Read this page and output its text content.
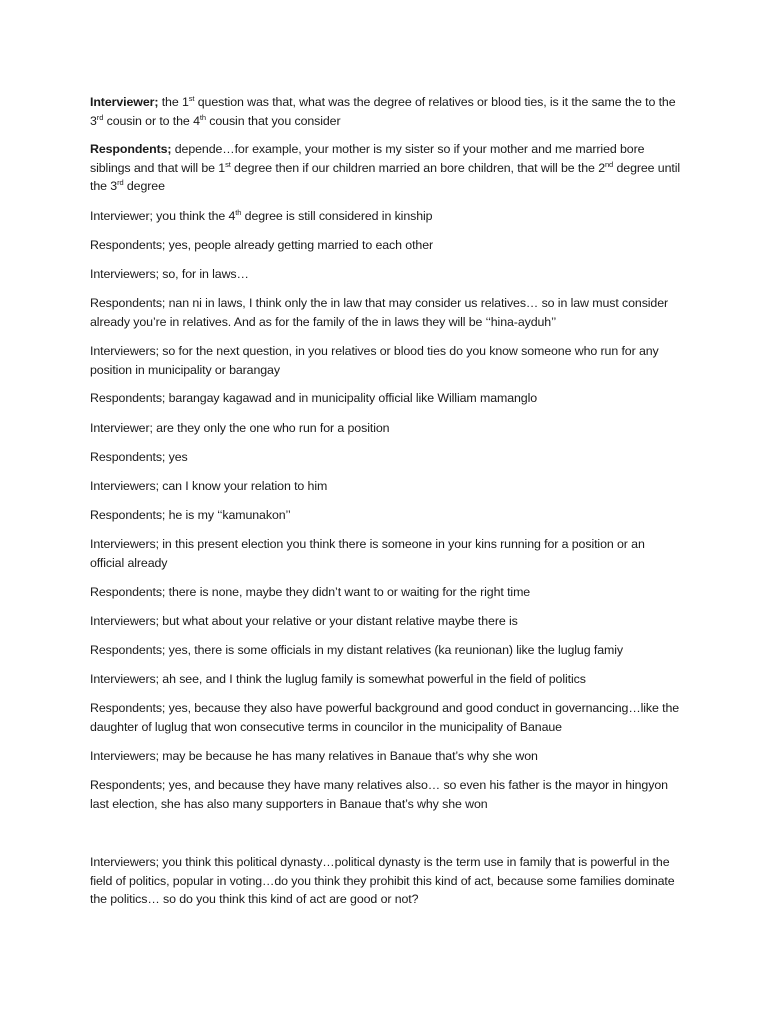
Interviewer; the 1st question was that, what was the degree of relatives or blood ties, is it the same the to the 3rd cousin or to the 4th cousin that you consider

Respondents; depende…for example, your mother is my sister so if your mother and me married bore siblings and that will be 1st degree then if our children married an bore children, that will be the 2nd degree until the 3rd degree

Interviewer; you think the 4th degree is still considered in kinship

Respondents; yes, people already getting married to each other

Interviewers; so, for in laws…

Respondents; nan ni in laws, I think only the in law that may consider us relatives… so in law must consider already you’re in relatives. And as for the family of the in laws they will be ‘‘hina-ayduh’’

Interviewers; so for the next question, in you relatives or blood ties do you know someone who run for any position in municipality or barangay

Respondents; barangay kagawad and in municipality official like William mamanglo

Interviewer; are they only the one who run for a position

Respondents; yes

Interviewers; can I know your relation to him

Respondents; he is my ‘‘kamunakon’’

Interviewers; in this present election you think there is someone in your kins running for a position or an official already

Respondents; there is none, maybe they didn’t want to or waiting for the right time

Interviewers; but what about your relative or your distant relative maybe there is

Respondents; yes, there is some officials in my distant relatives (ka reunionan) like the luglug famiy

Interviewers; ah see, and I think the luglug family is somewhat powerful in the field of politics

Respondents; yes, because they also have powerful background and good conduct in governancing…like the daughter of luglug that won consecutive terms in councilor in the municipality of Banaue

Interviewers; may be because he has many relatives in Banaue that’s why she won

Respondents; yes, and because they have many relatives also… so even his father is the mayor in hingyon last election, she has also many supporters in Banaue that’s why she won

Interviewers; you think this political dynasty…political dynasty is the term use in family that is powerful in the field of politics, popular in voting…do you think they prohibit this kind of act, because some families dominate the politics… so do you think this kind of act are good or not?
